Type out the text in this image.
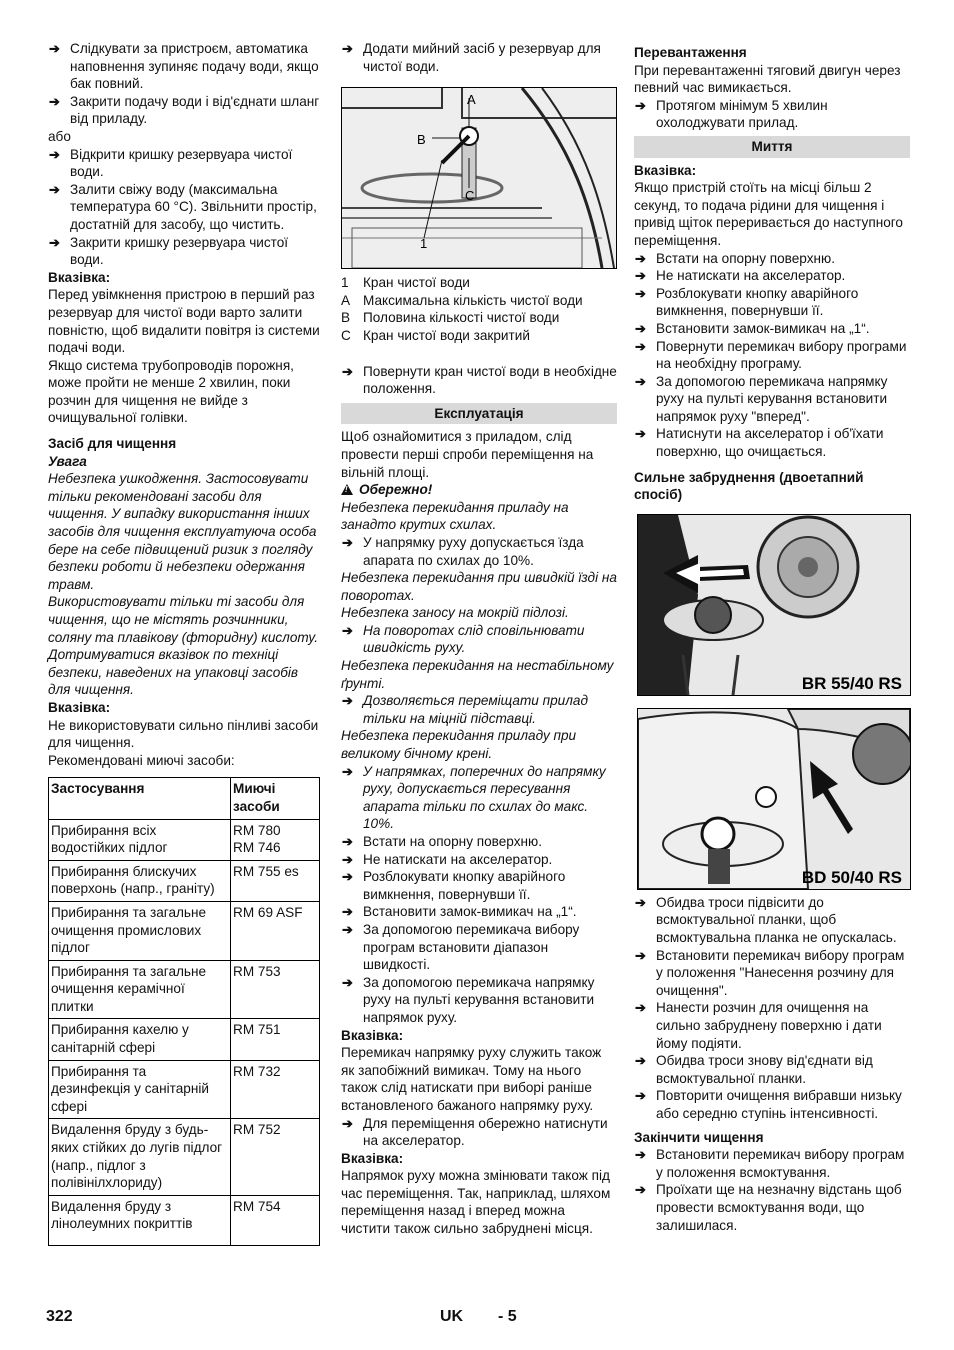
➔ Слідкувати за пристроєм, автоматика наповнення зупиняє подачу води, якщо бак повний.

➔ Закрити подачу води і від'єднати шланг від приладу.

або

➔ Відкрити кришку резервуара чистої води.

➔ Залити свіжу воду (максимальна температура 60 °C). Звільнити простір, достатній для засобу, що чистить.

➔ Закрити кришку резервуара чистої води.

Вказівка:

Перед увімкнення пристрою в перший раз резервуар для чистої води варто залити повністю, щоб видалити повітря із системи подачі води.

Якщо система трубопроводів порожня, може пройти не менше 2 хвилин, поки розчин для чищення не вийде з очищувальної голівки.

Засіб для чищення

Увага

Небезпека ушкодження. Застосовувати тільки рекомендовані засоби для чищення. У випадку використання інших засобів для чищення експлуатуюча особа бере на себе підвищений ризик з погляду безпеки роботи й небезпеки одержання травм.

Використовувати тільки ті засоби для чищення, що не містять розчинники, соляну та плавікову (фторидну) кислоту.

Дотримуватися вказівок по техніці безпеки, наведених на упаковці засобів для чищення.

Вказівка:

Не використовувати сильно пінливі засоби для чищення.

Рекомендовані миючі засоби:

Застосування	Миючі засоби
Прибирання всіх водостійких підлог	RM 780
RM 746
Прибирання блискучих поверхонь (напр., граніту)	RM 755 es
Прибирання та загальне очищення промислових підлог	RM 69 ASF
Прибирання та загальне очищення керамічної плитки	RM 753
Прибирання кахелю у санітарній сфері	RM 751
Прибирання та дезинфекція у санітарній сфері	RM 732
Видалення бруду з будь-яких стійких до лугів підлог (напр., підлог з полівінілхлориду)	RM 752
Видалення бруду з лінолеумних покриттів	RM 754

➔ Додати мийний засіб у резервуар для чистої води.

A
B
C
1

1 Кран чистої води

A Максимальна кількість чистої води

B Половина кількості чистої води

C Кран чистої води закритий

➔ Повернути кран чистої води в необхідне положення.

Експлуатація

Щоб ознайомитися з приладом, слід провести перші спроби переміщення на вільній площі.

!Обережно!

Небезпека перекидання приладу на занадто крутих схилах.

➔ У напрямку руху допускається їзда апарата по схилах до 10%.

Небезпека перекидання при швидкій їзді на поворотах.

Небезпека заносу на мокрій підлозі.

➔ На поворотах слід сповільнювати швидкість руху.

Небезпека перекидання на нестабільному ґрунті.

➔ Дозволяється переміщати прилад тільки на міцній підставці.

Небезпека перекидання приладу при великому бічному крені.

➔ У напрямках, поперечних до напрямку руху, допускається пересування апарата тільки по схилах до макс. 10%.

➔ Встати на опорну поверхню.

➔ Не натискати на акселератор.

➔ Розблокувати кнопку аварійного вимкнення, повернувши її.

➔ Встановити замок-вимикач на „1“.

➔ За допомогою перемикача вибору програм встановити діапазон швидкості.

➔ За допомогою перемикача напрямку руху на пульті керування встановити напрямок руху.

Вказівка:

Перемикач напрямку руху служить також як запобіжний вимикач. Тому на нього також слід натискати при виборі раніше встановленого бажаного напрямку руху.

➔ Для переміщення обережно натиснути на акселератор.

Вказівка:

Напрямок руху можна змінювати також під час переміщення. Так, наприклад, шляхом переміщення назад і вперед можна чистити також сильно забруднені місця.

Перевантаження

При перевантаженні тяговий двигун через певний час вимикається.

➔ Протягом мінімум 5 хвилин охолоджувати прилад.

Миття

Вказівка:

Якщо пристрій стоїть на місці більш 2 секунд, то подача рідини для чищення і привід щіток переривається до наступного переміщення.

➔ Встати на опорну поверхню.

➔ Не натискати на акселератор.

➔ Розблокувати кнопку аварійного вимкнення, повернувши її.

➔ Встановити замок-вимикач на „1“.

➔ Повернути перемикач вибору програми на необхідну програму.

➔ За допомогою перемикача напрямку руху на пульті керування встановити напрямок руху "вперед".

➔ Натиснути на акселератор і об'їхати поверхню, що очищається.

Сильне забруднення (двоетапний спосіб)

BR 55/40 RS
BD 50/40 RS

➔ Обидва троси підвісити до всмоктувальної планки, щоб всмоктувальна планка не опускалась.

➔ Встановити перемикач вибору програм у положення "Нанесення розчину для очищення".

➔ Нанести розчин для очищення на сильно забруднену поверхню і дати йому подіяти.

➔ Обидва троси знову від'єднати від всмоктувальної планки.

➔ Повторити очищення вибравши низьку або середню ступінь інтенсивності.

Закінчити чищення

➔ Встановити перемикач вибору програм у положення всмоктування.

➔ Проїхати ще на незначну відстань щоб провести всмоктування води, що залишилася.

322	UK - 5
